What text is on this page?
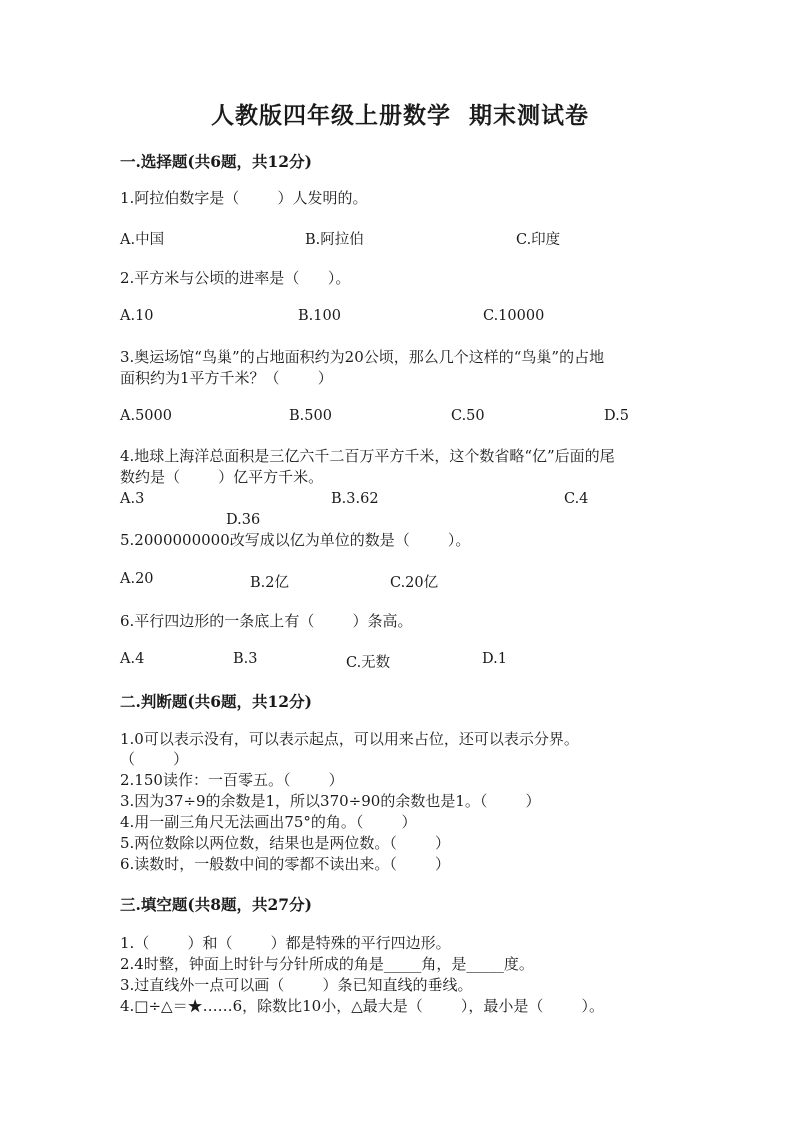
人教版四年级上册数学  期末测试卷
一.选择题(共6题，共12分)
1.阿拉伯数字是（        ）人发明的。
A.中国	B.阿拉伯	C.印度
2.平方米与公顷的进率是（      ）。
A.10	B.100	C.10000
3.奥运场馆“鸟巢”的占地面积约为20公顷，那么几个这样的“鸟巢”的占地
面积约为1平方千米？（        ）
A.5000	B.500	C.50	D.5
4.地球上海洋总面积是三亿六千二百万平方千米，这个数省略“亿”后面的尾
数约是（        ）亿平方千米。
A.3	B.3.62	C.4
D.36
5.2000000000改写成以亿为单位的数是（        ）。
A.20	B.2亿	C.20亿
6.平行四边形的一条底上有（        ）条高。
A.4	B.3	C.无数	D.1
二.判断题(共6题，共12分)
1.0可以表示没有，可以表示起点，可以用来占位，还可以表示分界。
（        ）
2.150读作：一百零五。（        ）
3.因为37÷9的余数是1，所以370÷90的余数也是1。（        ）
4.用一副三角尺无法画出75°的角。（        ）
5.两位数除以两位数，结果也是两位数。（        ）
6.读数时，一般数中间的零都不读出来。（        ）
三.填空题(共8题，共27分)
1.（        ）和（        ）都是特殊的平行四边形。
2.4时整，钟面上时针与分针所成的角是_____角，是_____度。
3.过直线外一点可以画（        ）条已知直线的垂线。
4.□÷△＝★……6，除数比10小，△最大是（        ），最小是（        ）。
